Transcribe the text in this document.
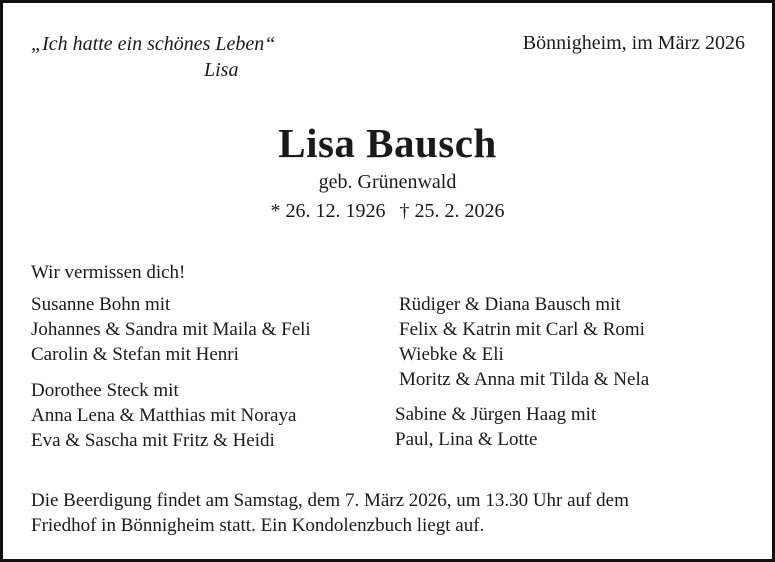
„Ich hatte ein schönes Leben“
Lisa
Bönnigheim, im März 2026
Lisa Bausch
geb. Grünenwald
* 26. 12. 1926 † 25. 2. 2026
Wir vermissen dich!
Susanne Bohn mit
Johannes & Sandra mit Maila & Feli
Carolin & Stefan mit Henri
Dorothee Steck mit
Anna Lena & Matthias mit Noraya
Eva & Sascha mit Fritz & Heidi
Rüdiger & Diana Bausch mit
Felix & Katrin mit Carl & Romi
Wiebke & Eli
Moritz & Anna mit Tilda & Nela
Sabine & Jürgen Haag mit
Paul, Lina & Lotte
Die Beerdigung findet am Samstag, dem 7. März 2026, um 13.30 Uhr auf dem
Friedhof in Bönnigheim statt. Ein Kondolenzbuch liegt auf.
